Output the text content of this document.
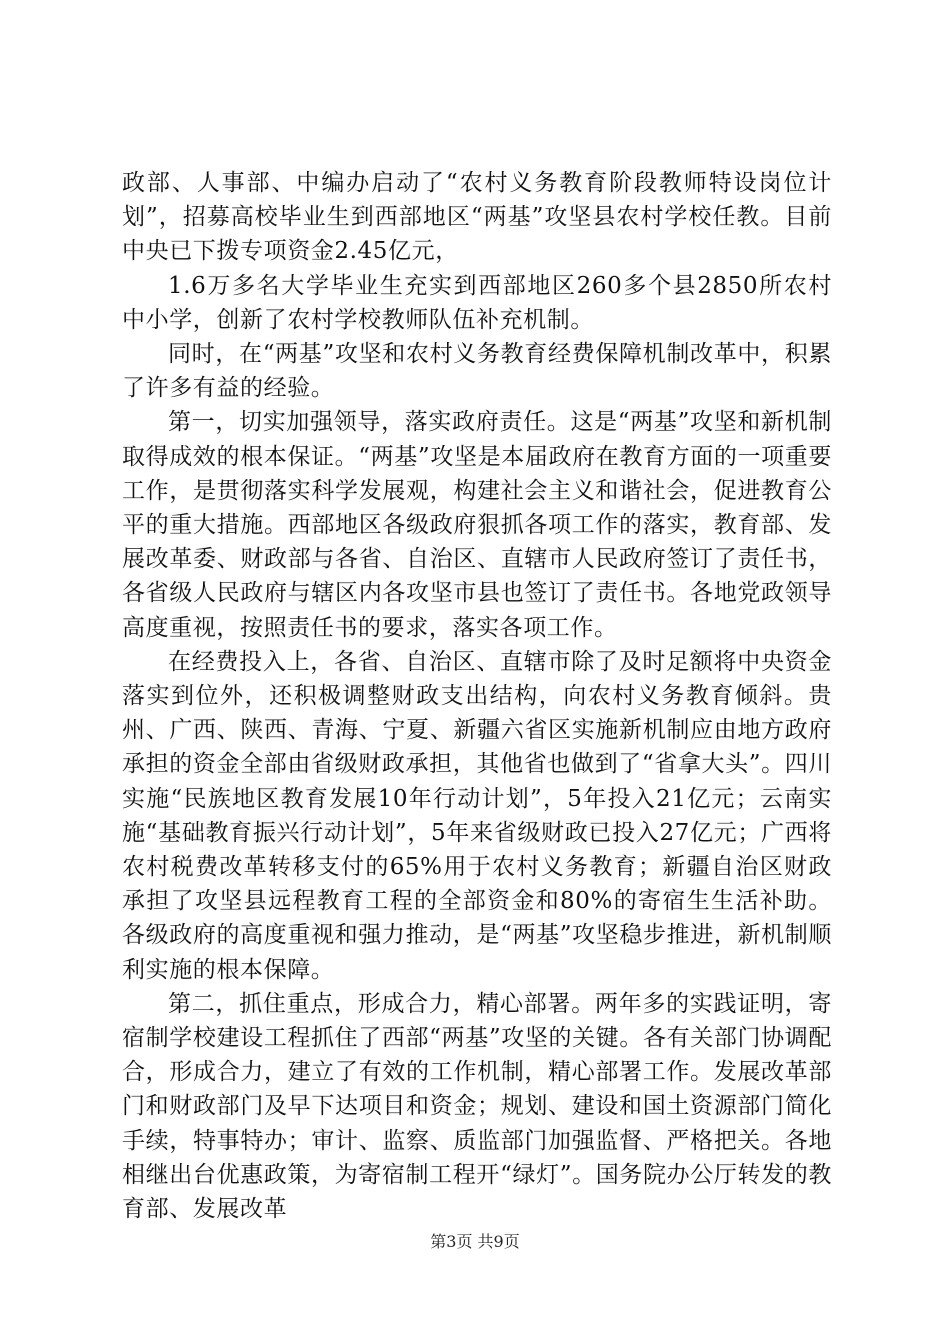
政部、人事部、中编办启动了“农村义务教育阶段教师特设岗位计划”，招募高校毕业生到西部地区“两基”攻坚县农村学校任教。目前中央已下拨专项资金2.45亿元，

1.6万多名大学毕业生充实到西部地区260多个县2850所农村中小学，创新了农村学校教师队伍补充机制。

同时，在“两基”攻坚和农村义务教育经费保障机制改革中，积累了许多有益的经验。

第一，切实加强领导，落实政府责任。这是“两基”攻坚和新机制取得成效的根本保证。“两基”攻坚是本届政府在教育方面的一项重要工作，是贯彻落实科学发展观，构建社会主义和谐社会，促进教育公平的重大措施。西部地区各级政府狠抓各项工作的落实，教育部、发展改革委、财政部与各省、自治区、直辖市人民政府签订了责任书，各省级人民政府与辖区内各攻坚市县也签订了责任书。各地党政领导高度重视，按照责任书的要求，落实各项工作。

在经费投入上，各省、自治区、直辖市除了及时足额将中央资金落实到位外，还积极调整财政支出结构，向农村义务教育倾斜。贵州、广西、陕西、青海、宁夏、新疆六省区实施新机制应由地方政府承担的资金全部由省级财政承担，其他省也做到了“省拿大头”。四川实施“民族地区教育发展10年行动计划”，5年投入21亿元；云南实施“基础教育振兴行动计划”，5年来省级财政已投入27亿元；广西将农村税费改革转移支付的65%用于农村义务教育；新疆自治区财政承担了攻坚县远程教育工程的全部资金和80%的寄宿生生活补助。各级政府的高度重视和强力推动，是“两基”攻坚稳步推进，新机制顺利实施的根本保障。

第二，抓住重点，形成合力，精心部署。两年多的实践证明，寄宿制学校建设工程抓住了西部“两基”攻坚的关键。各有关部门协调配合，形成合力，建立了有效的工作机制，精心部署工作。发展改革部门和财政部门及早下达项目和资金；规划、建设和国土资源部门简化手续，特事特办；审计、监察、质监部门加强监督、严格把关。各地相继出台优惠政策，为寄宿制工程开“绿灯”。国务院办公厅转发的教育部、发展改革

第3页 共9页
